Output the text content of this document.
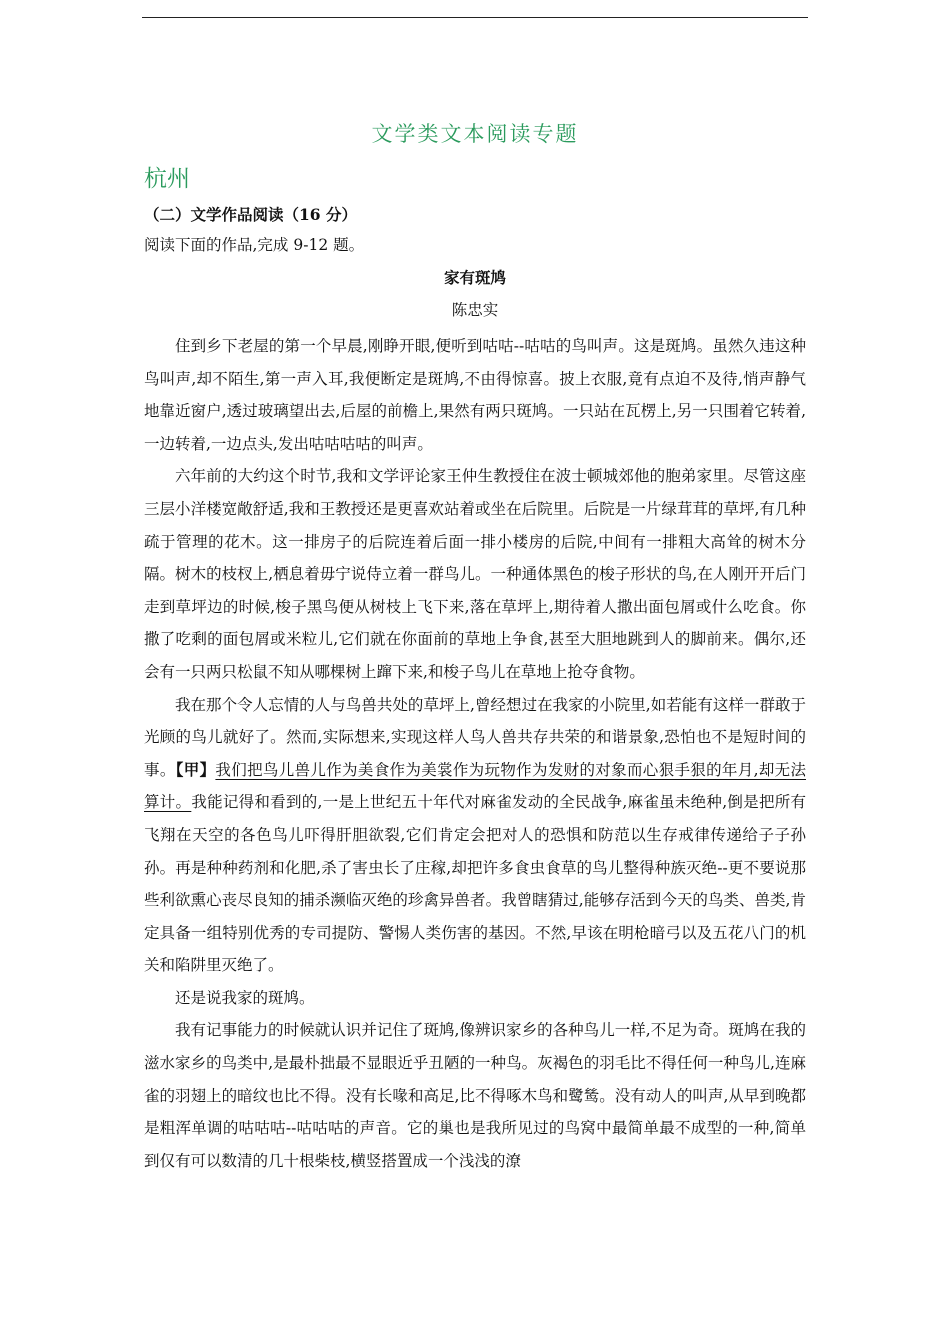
文学类文本阅读专题
杭州
（二）文学作品阅读（16 分）

阅读下面的作品,完成 9-12 题。

家有斑鸠

陈忠实

住到乡下老屋的第一个早晨,刚睁开眼,便听到咕咕--咕咕的鸟叫声。这是斑鸠。虽然久违这种鸟叫声,却不陌生,第一声入耳,我便断定是斑鸠,不由得惊喜。披上衣服,竟有点迫不及待,悄声静气地靠近窗户,透过玻璃望出去,后屋的前檐上,果然有两只斑鸠。一只站在瓦楞上,另一只围着它转着,一边转着,一边点头,发出咕咕咕咕的叫声。

六年前的大约这个时节,我和文学评论家王仲生教授住在波士顿城郊他的胞弟家里。尽管这座三层小洋楼宽敞舒适,我和王教授还是更喜欢站着或坐在后院里。后院是一片绿茸茸的草坪,有几种疏于管理的花木。这一排房子的后院连着后面一排小楼房的后院,中间有一排粗大高耸的树木分隔。树木的枝杈上,栖息着毋宁说侍立着一群鸟儿。一种通体黑色的梭子形状的鸟,在人刚开开后门走到草坪边的时候,梭子黑鸟便从树枝上飞下来,落在草坪上,期待着人撒出面包屑或什么吃食。你撒了吃剩的面包屑或米粒儿,它们就在你面前的草地上争食,甚至大胆地跳到人的脚前来。偶尔,还会有一只两只松鼠不知从哪棵树上蹿下来,和梭子鸟儿在草地上抢夺食物。

我在那个令人忘情的人与鸟兽共处的草坪上,曾经想过在我家的小院里,如若能有这样一群敢于光顾的鸟儿就好了。然而,实际想来,实现这样人鸟人兽共存共荣的和谐景象,恐怕也不是短时间的事。【甲】我们把鸟儿兽儿作为美食作为美裳作为玩物作为发财的对象而心狠手狠的年月,却无法算计。我能记得和看到的,一是上世纪五十年代对麻雀发动的全民战争,麻雀虽未绝种,倒是把所有飞翔在天空的各色鸟儿吓得肝胆欲裂,它们肯定会把对人的恐惧和防范以生存戒律传递给子子孙孙。再是种种药剂和化肥,杀了害虫长了庄稼,却把许多食虫食草的鸟儿整得种族灭绝--更不要说那些利欲熏心丧尽良知的捕杀濒临灭绝的珍禽异兽者。我曾瞎猜过,能够存活到今天的鸟类、兽类,肯定具备一组特别优秀的专司提防、警惕人类伤害的基因。不然,早该在明枪暗弓以及五花八门的机关和陷阱里灭绝了。

还是说我家的斑鸠。

我有记事能力的时候就认识并记住了斑鸠,像辨识家乡的各种鸟儿一样,不足为奇。斑鸠在我的滋水家乡的鸟类中,是最朴拙最不显眼近乎丑陋的一种鸟。灰褐色的羽毛比不得任何一种鸟儿,连麻雀的羽翅上的暗纹也比不得。没有长喙和高足,比不得啄木鸟和鹭鸶。没有动人的叫声,从早到晚都是粗浑单调的咕咕咕--咕咕咕的声音。它的巢也是我所见过的鸟窝中最简单最不成型的一种,简单到仅有可以数清的几十根柴枝,横竖搭置成一个浅浅的潦
